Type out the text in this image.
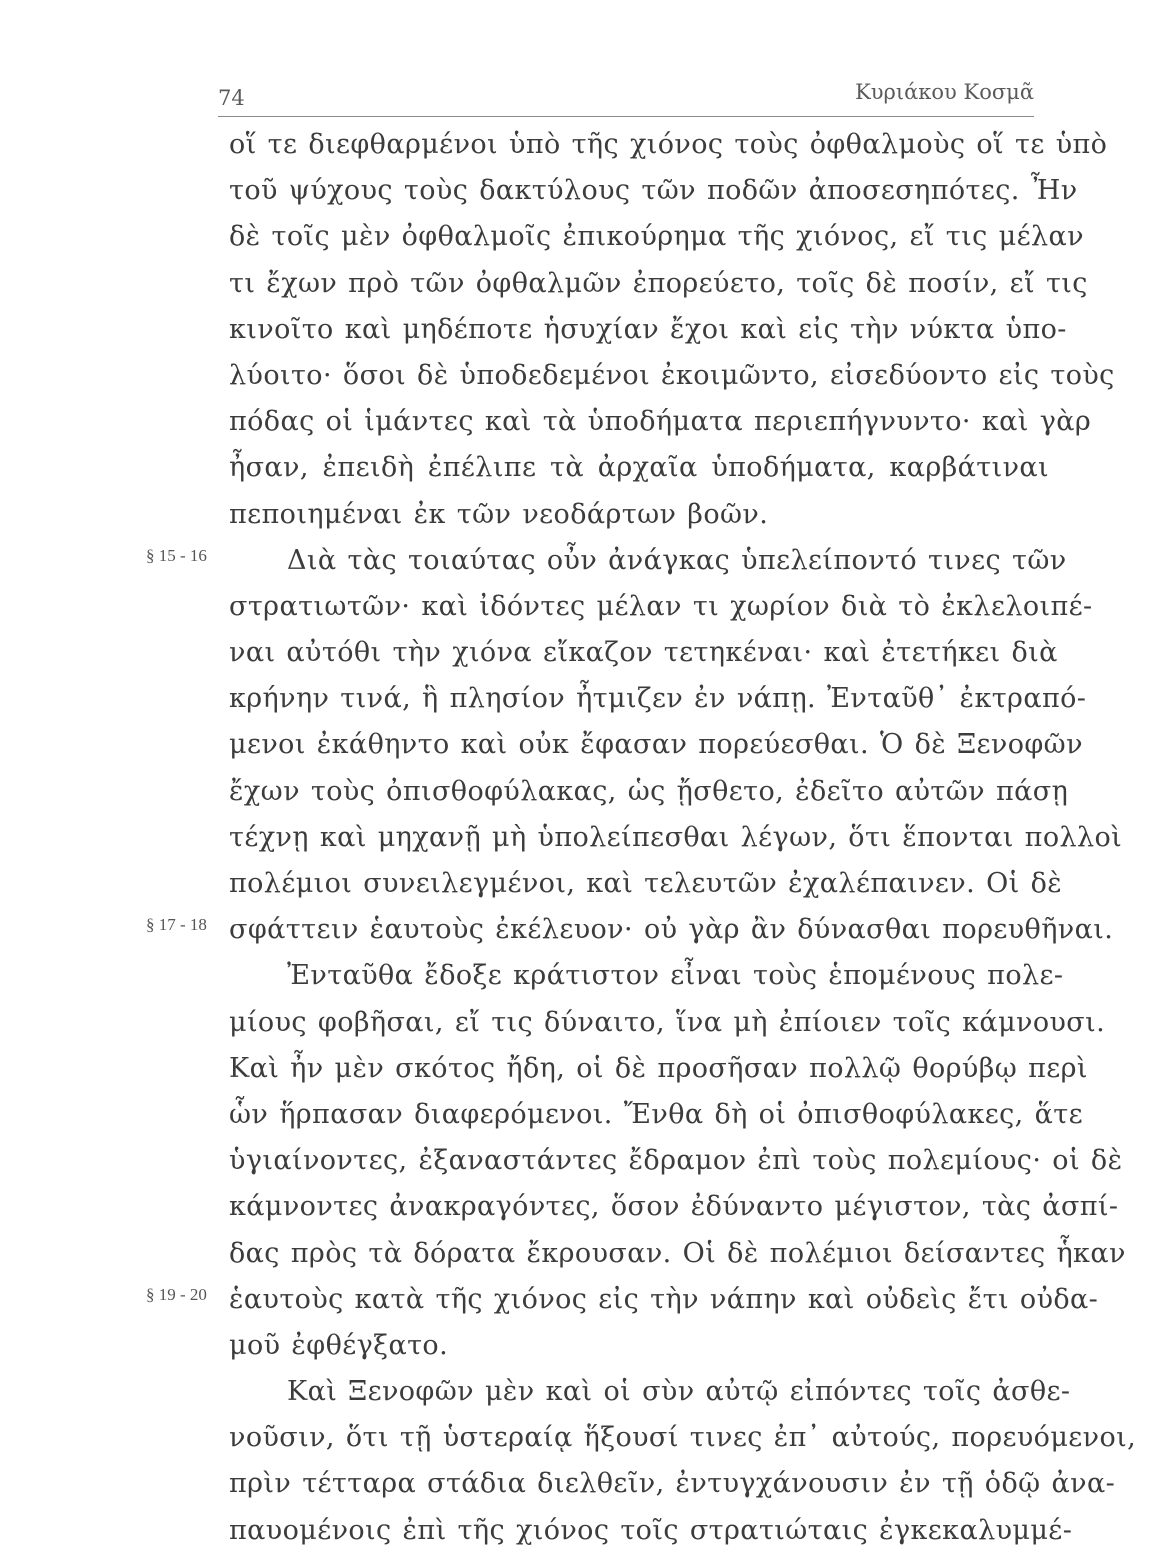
74	Κυριάκου Κοσμᾶ
§ 15 - 16
§ 17 - 18
§ 19 - 20
οἵ τε διεφθαρμένοι ὑπὸ τῆς χιόνος τοὺς ὀφθαλμοὺς οἵ τε ὑπὸ
τοῦ ψύχους τοὺς δακτύλους τῶν ποδῶν ἀποσεσηπότες. Ἦν
δὲ τοῖς μὲν ὀφθαλμοῖς ἐπικούρημα τῆς χιόνος, εἴ τις μέλαν
τι ἔχων πρὸ τῶν ὀφθαλμῶν ἐπορεύετο, τοῖς δὲ ποσίν, εἴ τις
κινοῖτο καὶ μηδέποτε ἡσυχίαν ἔχοι καὶ εἰς τὴν νύκτα ὑπο-
λύοιτο· ὅσοι δὲ ὑποδεδεμένοι ἐκοιμῶντο, εἰσεδύοντο εἰς τοὺς
πόδας οἱ ἱμάντες καὶ τὰ ὑποδήματα περιεπήγνυντο· καὶ γὰρ
ἦσαν, ἐπειδὴ ἐπέλιπε τὰ ἀρχαῖα ὑποδήματα, καρβάτιναι
πεποιημέναι ἐκ τῶν νεοδάρτων βοῶν.
Διὰ τὰς τοιαύτας οὖν ἀνάγκας ὑπελείποντό τινες τῶν
στρατιωτῶν· καὶ ἰδόντες μέλαν τι χωρίον διὰ τὸ ἐκλελοιπέ-
ναι αὐτόθι τὴν χιόνα εἴκαζον τετηκέναι· καὶ ἐτετήκει διὰ
κρήνην τινά, ἣ πλησίον ἦτμιζεν ἐν νάπῃ. Ἐνταῦθ᾽ ἐκτραπό-
μενοι ἐκάθηντο καὶ οὐκ ἔφασαν πορεύεσθαι. Ὁ δὲ Ξενοφῶν
ἔχων τοὺς ὀπισθοφύλακας, ὡς ᾔσθετο, ἐδεῖτο αὐτῶν πάσῃ
τέχνῃ καὶ μηχανῇ μὴ ὑπολείπεσθαι λέγων, ὅτι ἕπονται πολλοὶ
πολέμιοι συνειλεγμένοι, καὶ τελευτῶν ἐχαλέπαινεν. Οἱ δὲ
σφάττειν ἑαυτοὺς ἐκέλευον· οὐ γὰρ ἂν δύνασθαι πορευθῆναι.
Ἐνταῦθα ἔδοξε κράτιστον εἶναι τοὺς ἑπομένους πολε-
μίους φοβῆσαι, εἴ τις δύναιτο, ἵνα μὴ ἐπίοιεν τοῖς κάμνουσι.
Καὶ ἦν μὲν σκότος ἤδη, οἱ δὲ προσῆσαν πολλῷ θορύβῳ περὶ
ὧν ἥρπασαν διαφερόμενοι. Ἔνθα δὴ οἱ ὀπισθοφύλακες, ἅτε
ὑγιαίνοντες, ἐξαναστάντες ἔδραμον ἐπὶ τοὺς πολεμίους· οἱ δὲ
κάμνοντες ἀνακραγόντες, ὅσον ἐδύναντο μέγιστον, τὰς ἀσπί-
δας πρὸς τὰ δόρατα ἔκρουσαν. Οἱ δὲ πολέμιοι δείσαντες ἧκαν
ἑαυτοὺς κατὰ τῆς χιόνος εἰς τὴν νάπην καὶ οὐδεὶς ἔτι οὐδα-
μοῦ ἐφθέγξατο.
Καὶ Ξενοφῶν μὲν καὶ οἱ σὺν αὐτῷ εἰπόντες τοῖς ἀσθε-
νοῦσιν, ὅτι τῇ ὑστεραίᾳ ἥξουσί τινες ἐπ᾽ αὐτούς, πορευόμενοι,
πρὶν τέτταρα στάδια διελθεῖν, ἐντυγχάνουσιν ἐν τῇ ὁδῷ ἀνα-
παυομένοις ἐπὶ τῆς χιόνος τοῖς στρατιώταις ἐγκεκαλυμμέ-
